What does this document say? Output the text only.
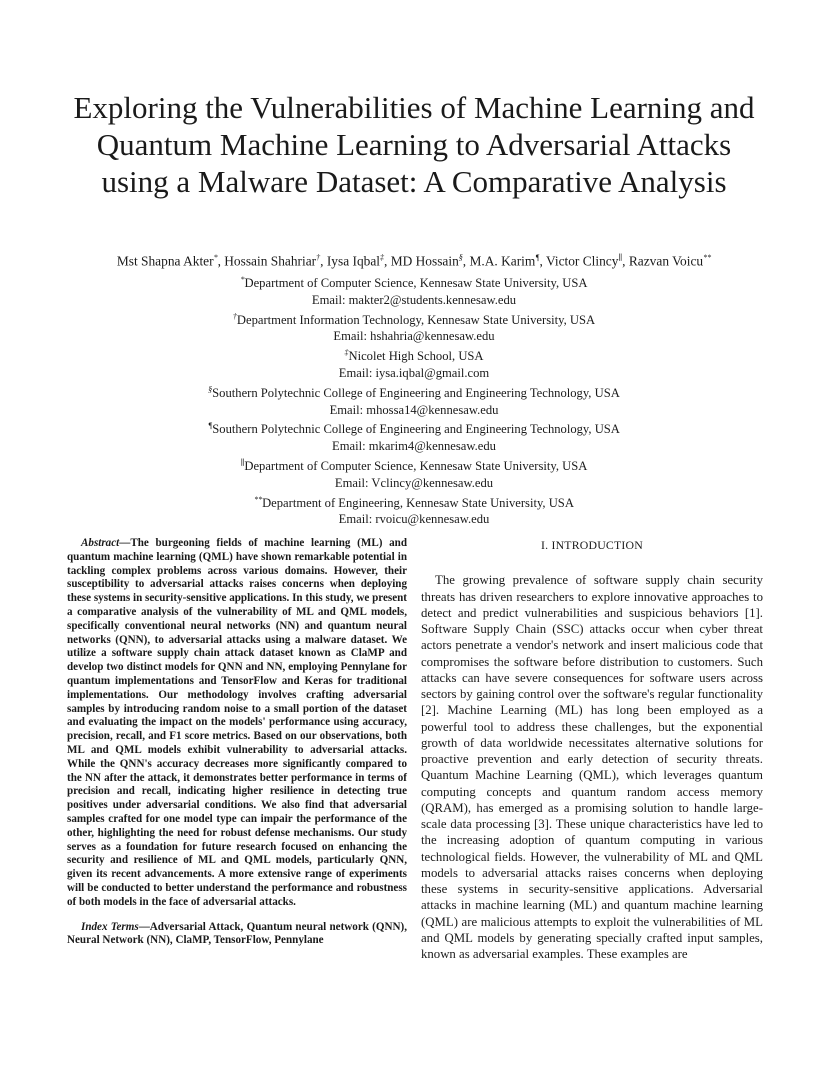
Exploring the Vulnerabilities of Machine Learning and Quantum Machine Learning to Adversarial Attacks using a Malware Dataset: A Comparative Analysis
Mst Shapna Akter*, Hossain Shahriar†, Iysa Iqbal‡, MD Hossain§, M.A. Karim¶, Victor Clincy∥, Razvan Voicu**
*Department of Computer Science, Kennesaw State University, USA
Email: makter2@students.kennesaw.edu
†Department Information Technology, Kennesaw State University, USA
Email: hshahria@kennesaw.edu
‡Nicolet High School, USA
Email: iysa.iqbal@gmail.com
§Southern Polytechnic College of Engineering and Engineering Technology, USA
Email: mhossa14@kennesaw.edu
¶Southern Polytechnic College of Engineering and Engineering Technology, USA
Email: mkarim4@kennesaw.edu
∥Department of Computer Science, Kennesaw State University, USA
Email: Vclincy@kennesaw.edu
**Department of Engineering, Kennesaw State University, USA
Email: rvoicu@kennesaw.edu

Abstract—The burgeoning fields of machine learning (ML) and quantum machine learning (QML) have shown remarkable potential in tackling complex problems across various domains. However, their susceptibility to adversarial attacks raises concerns when deploying these systems in security-sensitive applications. In this study, we present a comparative analysis of the vulnerability of ML and QML models, specifically conventional neural networks (NN) and quantum neural networks (QNN), to adversarial attacks using a malware dataset. We utilize a software supply chain attack dataset known as ClaMP and develop two distinct models for QNN and NN, employing Pennylane for quantum implementations and TensorFlow and Keras for traditional implementations. Our methodology involves crafting adversarial samples by introducing random noise to a small portion of the dataset and evaluating the impact on the models' performance using accuracy, precision, recall, and F1 score metrics. Based on our observations, both ML and QML models exhibit vulnerability to adversarial attacks. While the QNN's accuracy decreases more significantly compared to the NN after the attack, it demonstrates better performance in terms of precision and recall, indicating higher resilience in detecting true positives under adversarial conditions. We also find that adversarial samples crafted for one model type can impair the performance of the other, highlighting the need for robust defense mechanisms. Our study serves as a foundation for future research focused on enhancing the security and resilience of ML and QML models, particularly QNN, given its recent advancements. A more extensive range of experiments will be conducted to better understand the performance and robustness of both models in the face of adversarial attacks.

Index Terms—Adversarial Attack, Quantum neural network (QNN), Neural Network (NN), ClaMP, TensorFlow, Pennylane

I. INTRODUCTION

The growing prevalence of software supply chain security threats has driven researchers to explore innovative approaches to detect and predict vulnerabilities and suspicious behaviors [1]. Software Supply Chain (SSC) attacks occur when cyber threat actors penetrate a vendor's network and insert malicious code that compromises the software before distribution to customers. Such attacks can have severe consequences for software users across sectors by gaining control over the software's regular functionality [2]. Machine Learning (ML) has long been employed as a powerful tool to address these challenges, but the exponential growth of data worldwide necessitates alternative solutions for proactive prevention and early detection of security threats. Quantum Machine Learning (QML), which leverages quantum computing concepts and quantum random access memory (QRAM), has emerged as a promising solution to handle large-scale data processing [3]. These unique characteristics have led to the increasing adoption of quantum computing in various technological fields. However, the vulnerability of ML and QML models to adversarial attacks raises concerns when deploying these systems in security-sensitive applications. Adversarial attacks in machine learning (ML) and quantum machine learning (QML) are malicious attempts to exploit the vulnerabilities of ML and QML models by generating specially crafted input samples, known as adversarial examples. These examples are
